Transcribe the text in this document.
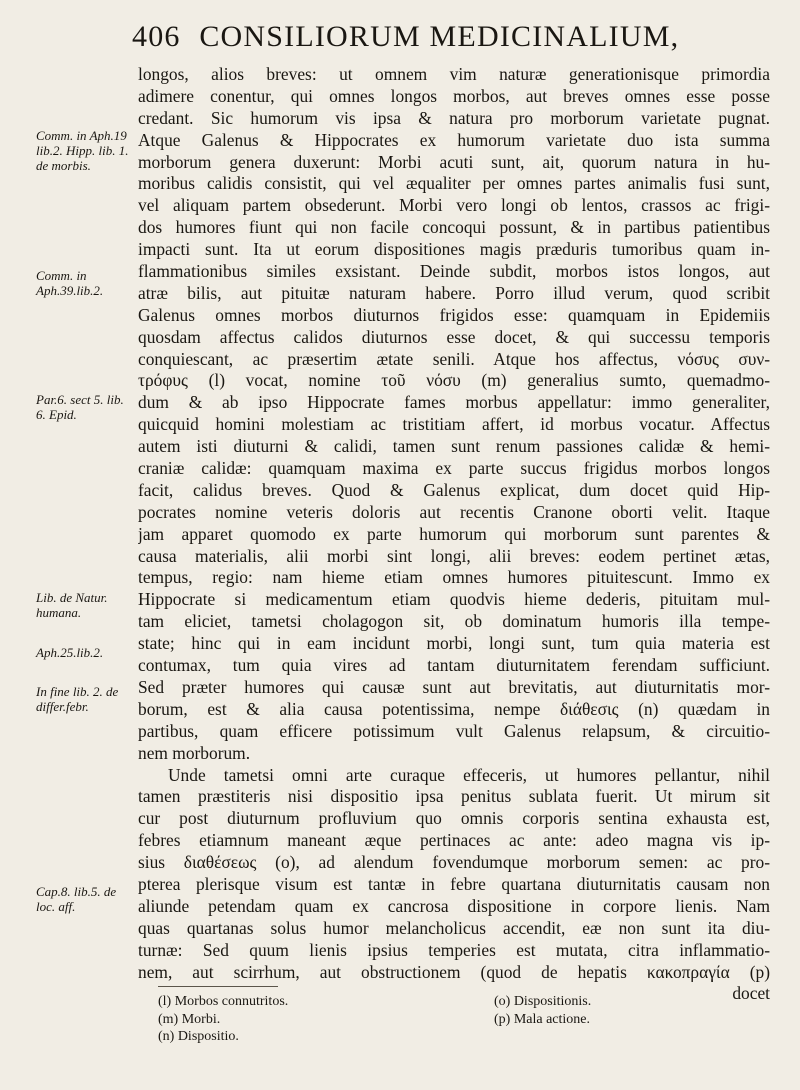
406 CONSILIORUM MEDICINALIUM,
Comm. in Aph.19 lib.2. Hipp. lib. 1. de morbis.
Comm. in Aph.39.lib.2.
Par.6. sect 5. lib. 6. Epid.
Lib. de Natur. humana.
Aph.25.lib.2.
In fine lib. 2. de differ.febr.
Cap.8. lib.5. de loc. aff.
longos, alios breves: ut omnem vim naturæ generationisque primordia
adimere conentur, qui omnes longos morbos, aut breves omnes esse posse
credant. Sic humorum vis ipsa & natura pro morborum varietate pugnat.
Atque Galenus & Hippocrates ex humorum varietate duo ista summa
morborum genera duxerunt: Morbi acuti sunt, ait, quorum natura in hu-
moribus calidis consistit, qui vel æqualiter per omnes partes animalis fusi sunt,
vel aliquam partem obsederunt. Morbi vero longi ob lentos, crassos ac frigi-
dos humores fiunt qui non facile concoqui possunt, & in partibus patientibus
impacti sunt. Ita ut eorum dispositiones magis præduris tumoribus quam in-
flammationibus similes exsistant. Deinde subdit, morbos istos longos, aut
atræ bilis, aut pituitæ naturam habere. Porro illud verum, quod scribit
Galenus omnes morbos diuturnos frigidos esse: quamquam in Epidemiis
quosdam affectus calidos diuturnos esse docet, & qui successu temporis
conquiescant, ac præsertim ætate senili. Atque hos affectus, νόσυς συν-
τρόφυς (l) vocat, nomine τοῦ νόσυ (m) generalius sumto, quemadmo-
dum & ab ipso Hippocrate fames morbus appellatur: immo generaliter,
quicquid homini molestiam ac tristitiam affert, id morbus vocatur. Affectus
autem isti diuturni & calidi, tamen sunt renum passiones calidæ & hemi-
craniæ calidæ: quamquam maxima ex parte succus frigidus morbos longos
facit, calidus breves. Quod & Galenus explicat, dum docet quid Hip-
pocrates nomine veteris doloris aut recentis Cranone oborti velit. Itaque
jam apparet quomodo ex parte humorum qui morborum sunt parentes &
causa materialis, alii morbi sint longi, alii breves: eodem pertinet ætas,
tempus, regio: nam hieme etiam omnes humores pituitescunt. Immo ex
Hippocrate si medicamentum etiam quodvis hieme dederis, pituitam mul-
tam eliciet, tametsi cholagogon sit, ob dominatum humoris illa tempe-
state; hinc qui in eam incidunt morbi, longi sunt, tum quia materia est
contumax, tum quia vires ad tantam diuturnitatem ferendam sufficiunt.
Sed præter humores qui causæ sunt aut brevitatis, aut diuturnitatis mor-
borum, est & alia causa potentissima, nempe διάθεσις (n) quædam in
partibus, quam efficere potissimum vult Galenus relapsum, & circuitio-
nem morborum.
Unde tametsi omni arte curaque effeceris, ut humores pellantur, nihil
tamen præstiteris nisi dispositio ipsa penitus sublata fuerit. Ut mirum sit
cur post diuturnum profluvium quo omnis corporis sentina exhausta est,
febres etiamnum maneant æque pertinaces ac ante: adeo magna vis ip-
sius διαθέσεως (o), ad alendum fovendumque morborum semen: ac pro-
pterea plerisque visum est tantæ in febre quartana diuturnitatis causam non
aliunde petendam quam ex cancrosa dispositione in corpore lienis. Nam
quas quartanas solus humor melancholicus accendit, eæ non sunt ita diu-
turnæ: Sed quum lienis ipsius temperies est mutata, citra inflammatio-
nem, aut scirrhum, aut obstructionem (quod de hepatis κακοπραγία (p)
docet
(l) Morbos connutritos.
(m) Morbi.
(n) Dispositio.
(o) Dispositionis.
(p) Mala actione.
